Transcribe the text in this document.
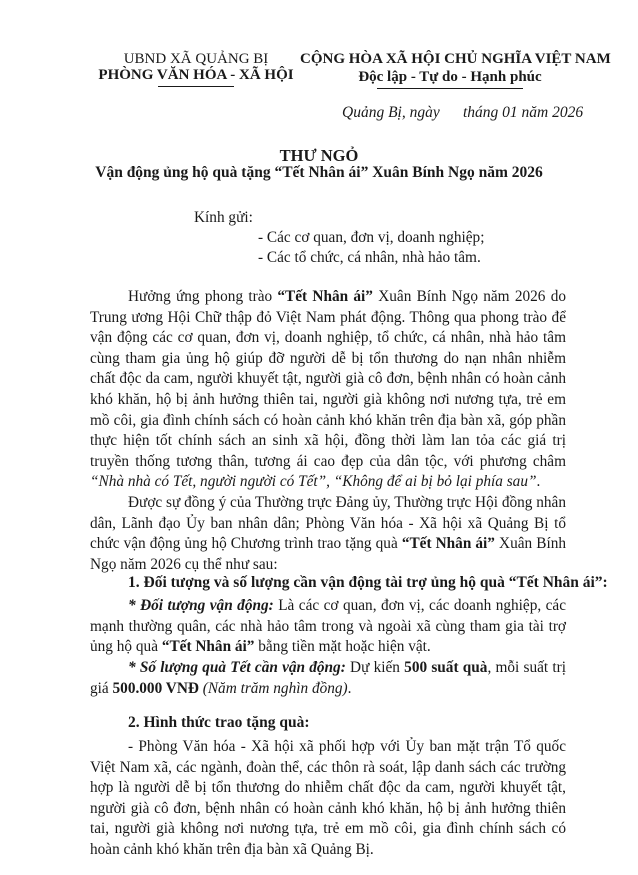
UBND XÃ QUẢNG BỊ
PHÒNG VĂN HÓA - XÃ HỘI
CỘNG HÒA XÃ HỘI CHỦ NGHĨA VIỆT NAM
Độc lập - Tự do - Hạnh phúc
Quảng Bị, ngày      tháng 01 năm 2026
THƯ NGỎ
Vận động ủng hộ quà tặng “Tết Nhân ái” Xuân Bính Ngọ năm 2026
Kính gửi:
- Các cơ quan, đơn vị, doanh nghiệp;
- Các tổ chức, cá nhân, nhà hảo tâm.

Hưởng ứng phong trào “Tết Nhân ái” Xuân Bính Ngọ năm 2026 do Trung ương Hội Chữ thập đỏ Việt Nam phát động. Thông qua phong trào để vận động các cơ quan, đơn vị, doanh nghiệp, tổ chức, cá nhân, nhà hảo tâm cùng tham gia ủng hộ giúp đỡ người dễ bị tổn thương do nạn nhân nhiễm chất độc da cam, người khuyết tật, người già cô đơn, bệnh nhân có hoàn cảnh khó khăn, hộ bị ảnh hưởng thiên tai, người già không nơi nương tựa, trẻ em mồ côi, gia đình chính sách có hoàn cảnh khó khăn trên địa bàn xã, góp phần thực hiện tốt chính sách an sinh xã hội, đồng thời làm lan tỏa các giá trị truyền thống tương thân, tương ái cao đẹp của dân tộc, với phương châm “Nhà nhà có Tết, người người có Tết”, “Không để ai bị bỏ lại phía sau”.

Được sự đồng ý của Thường trực Đảng ủy, Thường trực Hội đồng nhân dân, Lãnh đạo Ủy ban nhân dân; Phòng Văn hóa - Xã hội xã Quảng Bị tổ chức vận động ủng hộ Chương trình trao tặng quà “Tết Nhân ái” Xuân Bính Ngọ năm 2026 cụ thể như sau:

1. Đối tượng và số lượng cần vận động tài trợ ủng hộ quà “Tết Nhân ái”:

* Đối tượng vận động: Là các cơ quan, đơn vị, các doanh nghiệp, các mạnh thường quân, các nhà hảo tâm trong và ngoài xã cùng tham gia tài trợ ủng hộ quà “Tết Nhân ái” bằng tiền mặt hoặc hiện vật.

* Số lượng quà Tết cần vận động: Dự kiến 500 suất quà, mỗi suất trị giá 500.000 VNĐ (Năm trăm nghìn đồng).

2. Hình thức trao tặng quà:

- Phòng Văn hóa - Xã hội xã phối hợp với Ủy ban mặt trận Tổ quốc Việt Nam xã, các ngành, đoàn thể, các thôn rà soát, lập danh sách các trường hợp là người dễ bị tổn thương do nhiễm chất độc da cam, người khuyết tật, người già cô đơn, bệnh nhân có hoàn cảnh khó khăn, hộ bị ảnh hưởng thiên tai, người già không nơi nương tựa, trẻ em mồ côi, gia đình chính sách có hoàn cảnh khó khăn trên địa bàn xã Quảng Bị.
